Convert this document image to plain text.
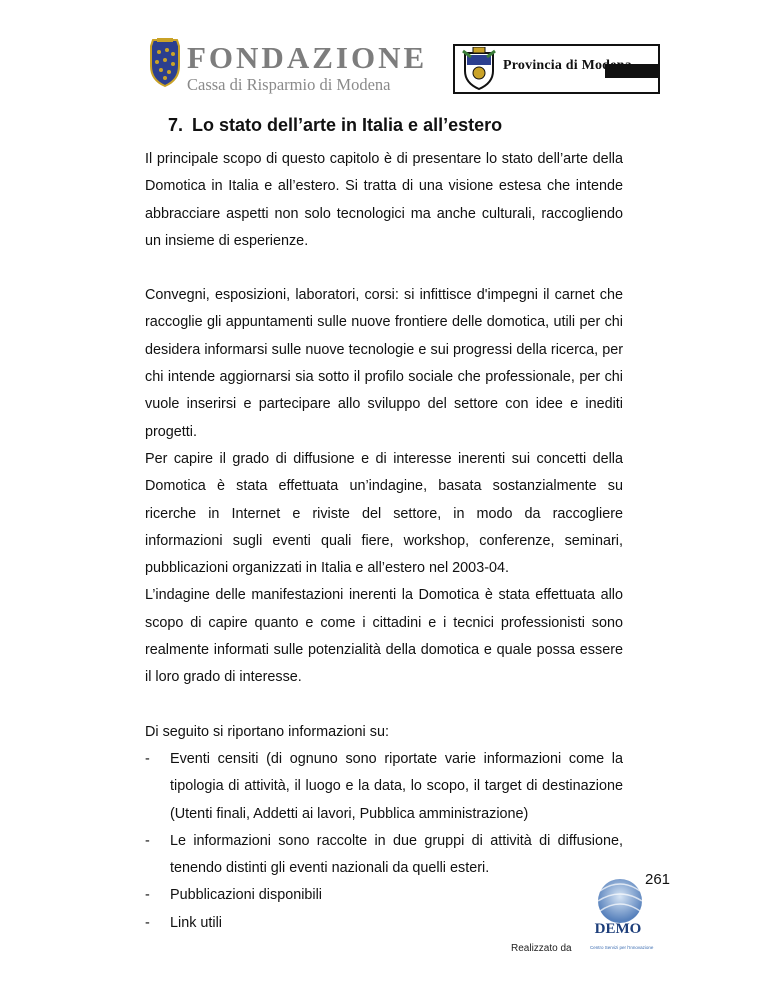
FONDAZIONE
Cassa di Risparmio di Modena
Provincia di Modena
7. Lo stato dell’arte in Italia e all’estero

Il principale scopo di questo capitolo è di presentare lo stato dell’arte della Domotica in Italia e all’estero. Si tratta di una visione estesa che intende abbracciare aspetti non solo tecnologici ma anche culturali, raccogliendo un insieme di esperienze.

Convegni, esposizioni, laboratori, corsi: si infittisce d'impegni il carnet che raccoglie gli appuntamenti sulle nuove frontiere delle domotica, utili per chi desidera informarsi sulle nuove tecnologie e sui progressi della ricerca, per chi intende aggiornarsi sia sotto il profilo sociale che professionale, per chi vuole inserirsi e partecipare allo sviluppo del settore con idee e inediti progetti.

Per capire il grado di diffusione e di interesse inerenti sui concetti della Domotica è stata effettuata un’indagine, basata sostanzialmente su ricerche in Internet e riviste del settore, in modo da raccogliere informazioni sugli eventi quali fiere, workshop, conferenze, seminari, pubblicazioni organizzati in Italia e all’estero nel 2003-04.

L’indagine delle manifestazioni inerenti la Domotica è stata effettuata allo scopo di capire quanto e come i cittadini e i tecnici professionisti sono realmente informati sulle potenzialità della domotica e quale possa essere il loro grado di interesse.

Di seguito si riportano informazioni su:

- Eventi censiti (di ognuno sono riportate varie informazioni come la tipologia di attività, il luogo e la data, lo scopo, il target di destinazione (Utenti finali, Addetti ai lavori, Pubblica amministrazione)
- Le informazioni sono raccolte in due gruppi di attività di diffusione, tenendo distinti gli eventi nazionali da quelli esteri.
- Pubblicazioni disponibili
- Link utili
261
DEMO
Realizzato da	Centro Servizi per l'Innovazione
